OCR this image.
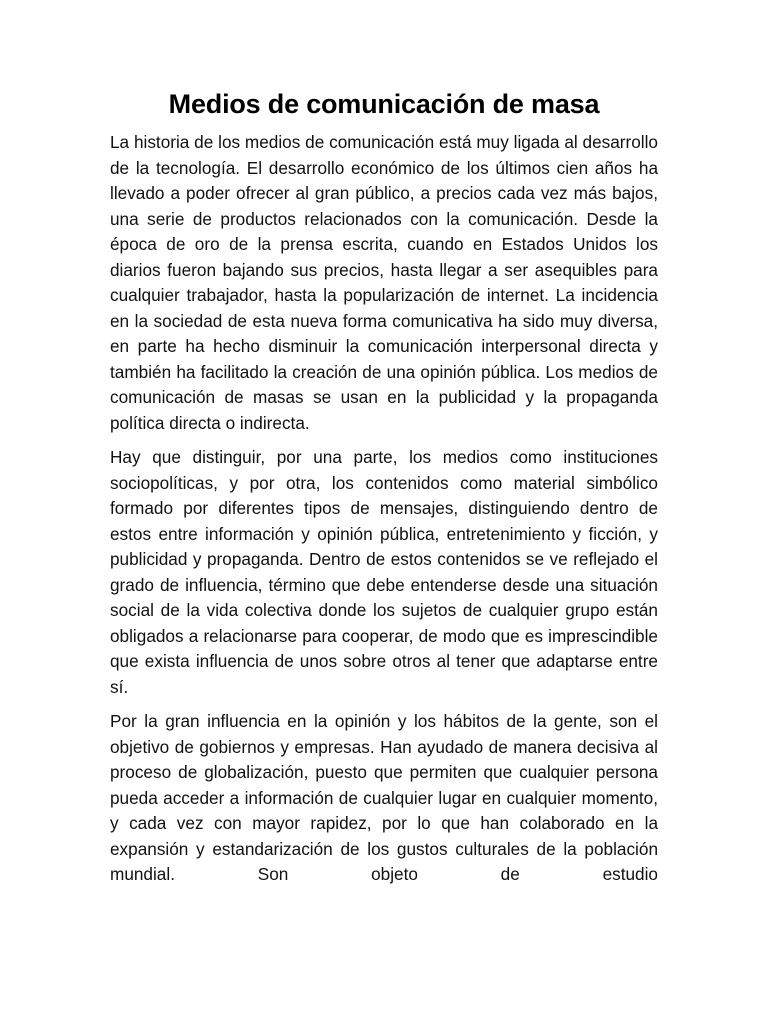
Medios de comunicación de masa

La historia de los medios de comunicación está muy ligada al desarrollo de la tecnología. El desarrollo económico de los últimos cien años ha llevado a poder ofrecer al gran público, a precios cada vez más bajos, una serie de productos relacionados con la comunicación. Desde la época de oro de la prensa escrita, cuando en Estados Unidos los diarios fueron bajando sus precios, hasta llegar a ser asequibles para cualquier trabajador, hasta la popularización de internet. La incidencia en la sociedad de esta nueva forma comunicativa ha sido muy diversa, en parte ha hecho disminuir la comunicación interpersonal directa y también ha facilitado la creación de una opinión pública. Los medios de comunicación de masas se usan en la publicidad y la propaganda política directa o indirecta.

Hay que distinguir, por una parte, los medios como instituciones sociopolíticas, y por otra, los contenidos como material simbólico formado por diferentes tipos de mensajes, distinguiendo dentro de estos entre información y opinión pública, entretenimiento y ficción, y publicidad y propaganda. Dentro de estos contenidos se ve reflejado el grado de influencia, término que debe entenderse desde una situación social de la vida colectiva donde los sujetos de cualquier grupo están obligados a relacionarse para cooperar, de modo que es imprescindible que exista influencia de unos sobre otros al tener que adaptarse entre sí.

Por la gran influencia en la opinión y los hábitos de la gente, son el objetivo de gobiernos y empresas. Han ayudado de manera decisiva al proceso de globalización, puesto que permiten que cualquier persona pueda acceder a información de cualquier lugar en cualquier momento, y cada vez con mayor rapidez, por lo que han colaborado en la expansión y estandarización de los gustos culturales de la población mundial. Son objeto de estudio
